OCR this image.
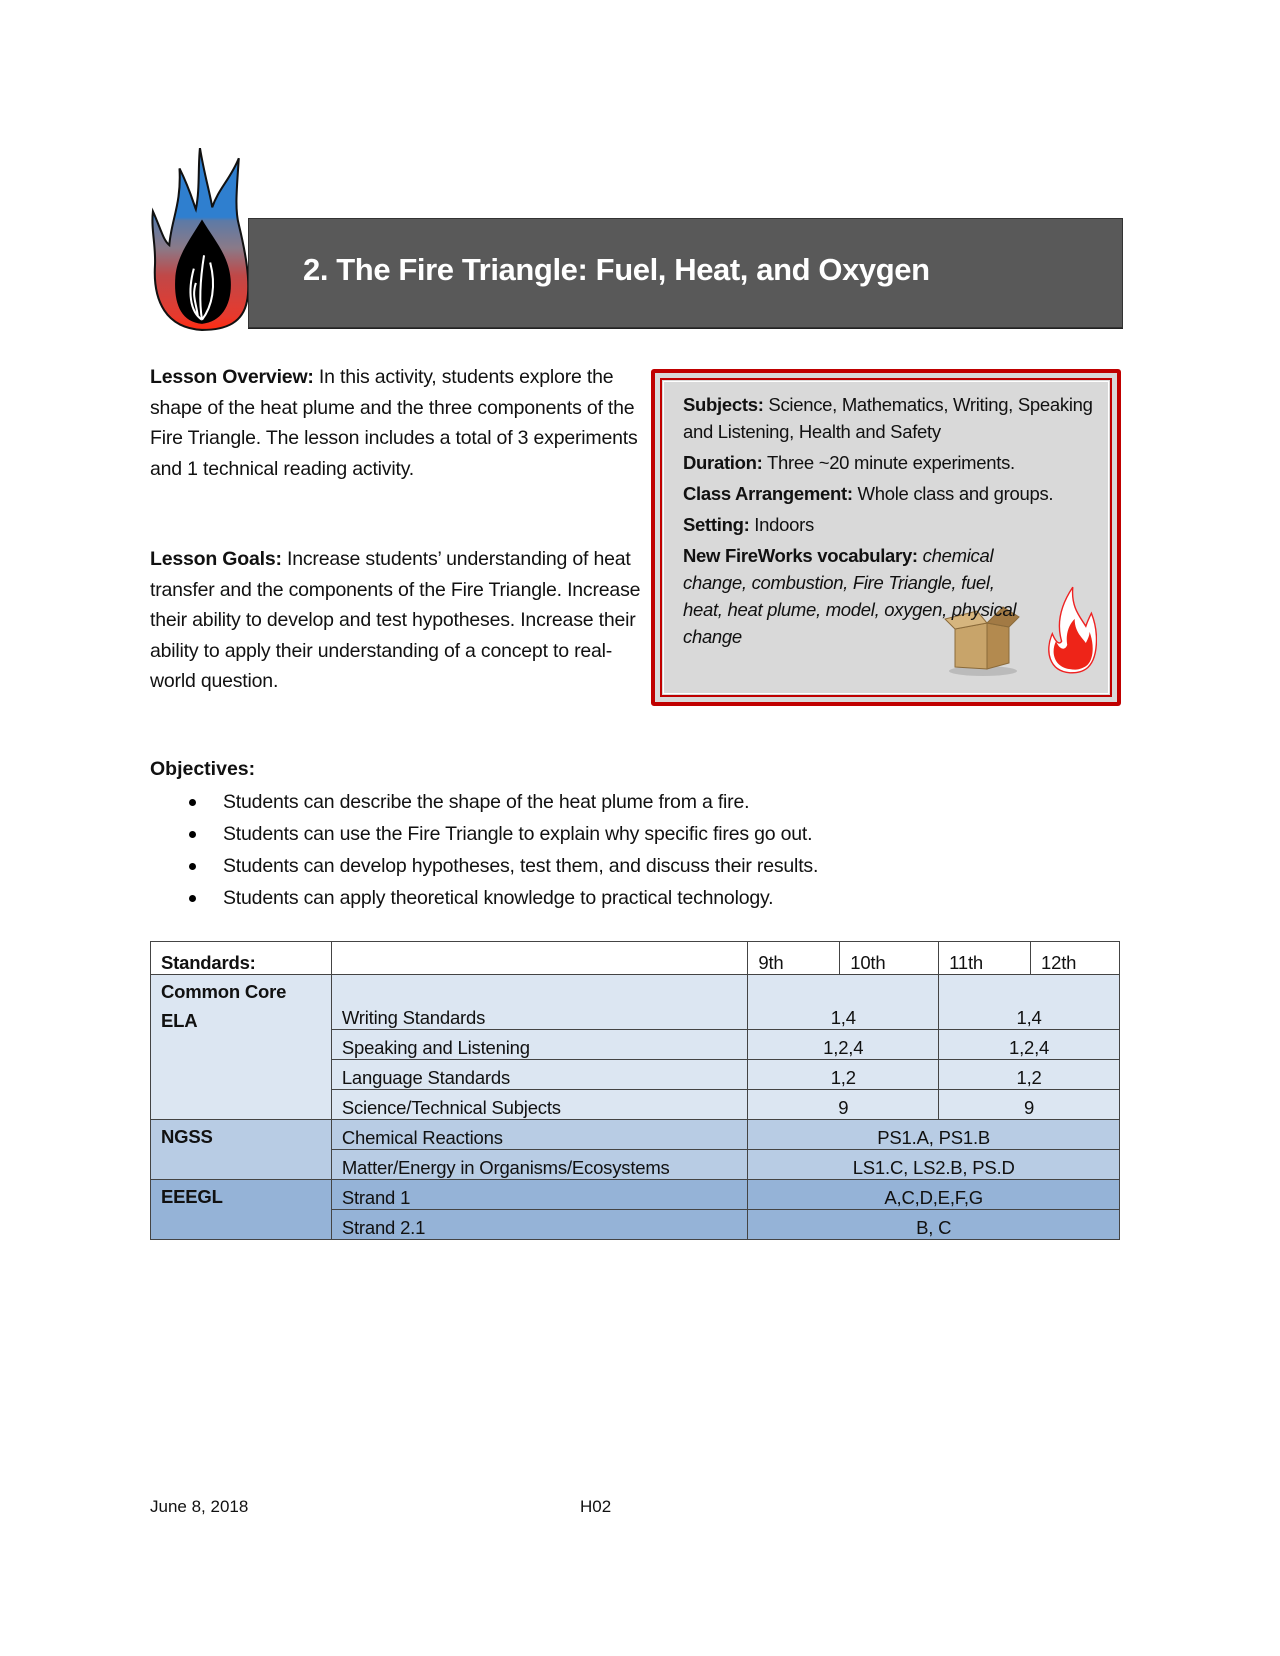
2. The Fire Triangle: Fuel, Heat, and Oxygen
Lesson Overview: In this activity, students explore the shape of the heat plume and the three components of the Fire Triangle. The lesson includes a total of 3 experiments and 1 technical reading activity.
Lesson Goals: Increase students’ understanding of heat transfer and the components of the Fire Triangle. Increase their ability to develop and test hypotheses. Increase their ability to apply their understanding of a concept to real-world question.

Subjects: Science, Mathematics, Writing, Speaking and Listening, Health and Safety

Duration: Three ~20 minute experiments.

Class Arrangement: Whole class and groups.

Setting: Indoors

New FireWorks vocabulary: chemical change, combustion, Fire Triangle, fuel, heat, heat plume, model, oxygen, physical change

Objectives:
Students can describe the shape of the heat plume from a fire.
Students can use the Fire Triangle to explain why specific fires go out.
Students can develop hypotheses, test them, and discuss their results.
Students can apply theoretical knowledge to practical technology.
Standards:		9th	10th	11th	12th
Common Core ELA	Writing Standards	1,4		1,4	
	Speaking and Listening	1,2,4		1,2,4	
	Language Standards	1,2		1,2	
	Science/Technical Subjects	9		9	
NGSS	Chemical Reactions	PS1.A, PS1.B			
	Matter/Energy in Organisms/Ecosystems	LS1.C, LS2.B, PS.D			
EEEGL	Strand 1	A,C,D,E,F,G			
	Strand 2.1	B, C			
June 8, 2018	H02
